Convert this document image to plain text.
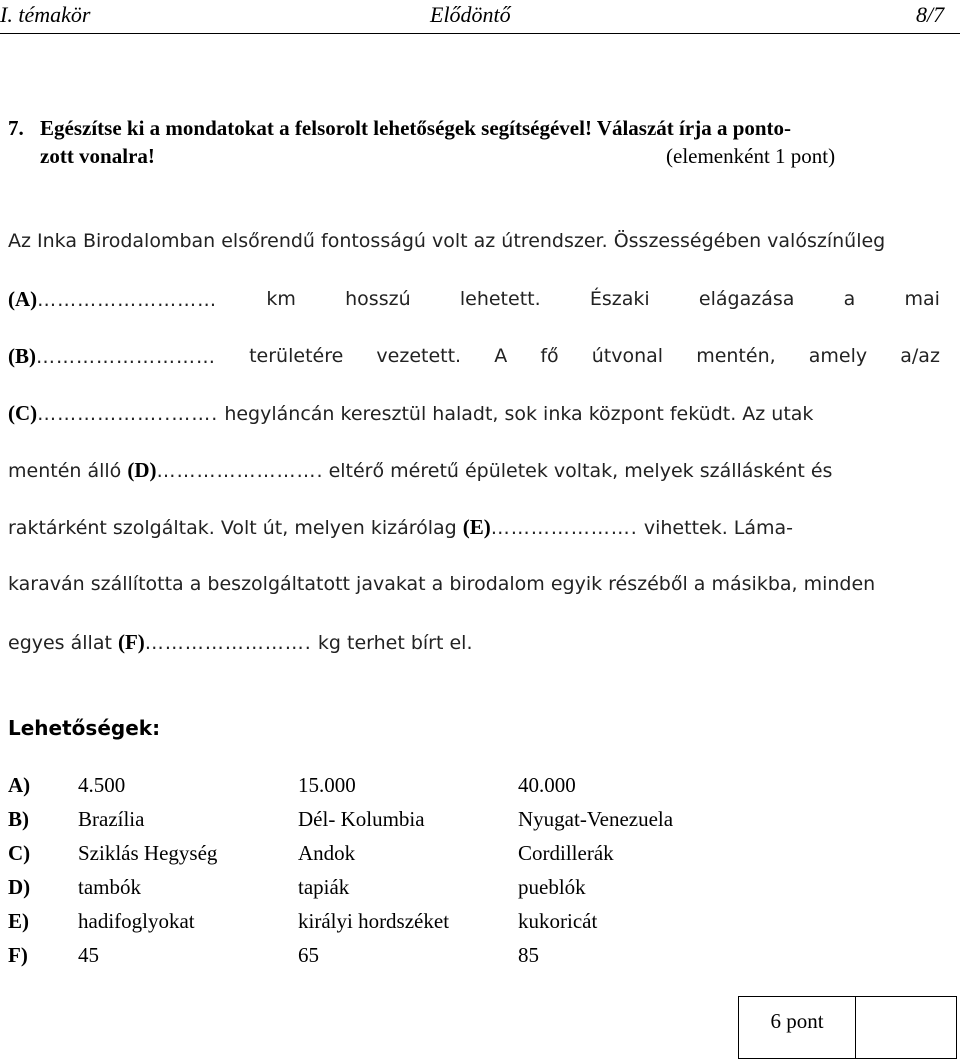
I. témakör	Elődöntő	8/7
7. Egészítse ki a mondatokat a felsorolt lehetőségek segítségével! Válaszát írja a ponto-
zott vonalra!	(elemenként 1 pont)
Az Inka Birodalomban elsőrendű fontosságú volt az útrendszer. Összességében valószínűleg
(A)………………………	km	hosszú	lehetett.	Északi	elágazása	a	mai
(B)……………………… területére vezetett. A fő útvonal mentén, amely a/az
(C)………………..……. hegyláncán keresztül haladt, sok inka központ feküdt. Az utak
mentén álló (D)……………………. eltérő méretű épületek voltak, melyek szállásként és
raktárként szolgáltak. Volt út, melyen kizárólag (E)…………………. vihettek. Láma-
karaván szállította a beszolgáltatott javakat a birodalom egyik részéből a másikba, minden
egyes állat (F)……………………. kg terhet bírt el.
Lehetőségek:
A) 4.500	15.000	40.000
B) Brazília	Dél- Kolumbia	Nyugat-Venezuela
C) Sziklás Hegység	Andok	Cordillerák
D) tambók	tapiák	pueblók
E) hadifoglyokat	királyi hordszéket	kukoricát
F) 45	65	85
6 pont
